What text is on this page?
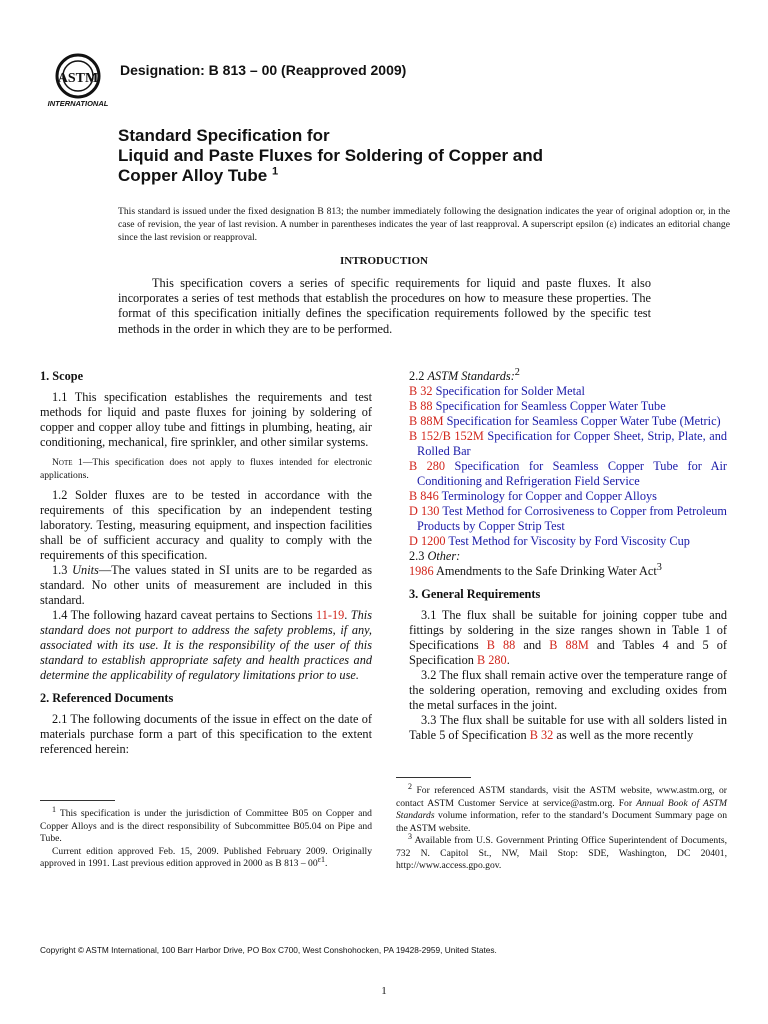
ASTM
INTERNATIONAL
Designation: B 813 – 00 (Reapproved 2009)
Standard Specification for
Liquid and Paste Fluxes for Soldering of Copper and
Copper Alloy Tube $^1$
This standard is issued under the fixed designation B 813; the number immediately following the designation indicates the year of original adoption or, in the case of revision, the year of last revision. A number in parentheses indicates the year of last reapproval. A superscript epsilon (ε) indicates an editorial change since the last revision or reapproval.
INTRODUCTION
This specification covers a series of specific requirements for liquid and paste fluxes. It also incorporates a series of test methods that establish the procedures on how to measure these properties. The format of this specification initially defines the specification requirements followed by the specific test methods in the order in which they are to be performed.
1. Scope

1.1 This specification establishes the requirements and test methods for liquid and paste fluxes for joining by soldering of copper and copper alloy tube and fittings in plumbing, heating, air conditioning, mechanical, fire sprinkler, and other similar systems.

Note 1—This specification does not apply to fluxes intended for electronic applications.

1.2 Solder fluxes are to be tested in accordance with the requirements of this specification by an independent testing laboratory. Testing, measuring equipment, and inspection facilities shall be of sufficient accuracy and quality to comply with the requirements of this specification.

1.3 Units—The values stated in SI units are to be regarded as standard. No other units of measurement are included in this standard.

1.4 The following hazard caveat pertains to Sections 11-19. This standard does not purport to address the safety problems, if any, associated with its use. It is the responsibility of the user of this standard to establish appropriate safety and health practices and determine the applicability of regulatory limitations prior to use.

2. Referenced Documents

2.1 The following documents of the issue in effect on the date of materials purchase form a part of this specification to the extent referenced herein:

2.2 ASTM Standards:$^2$

B 32 Specification for Solder Metal

B 88 Specification for Seamless Copper Water Tube

B 88M Specification for Seamless Copper Water Tube (Metric)

B 152/B 152M Specification for Copper Sheet, Strip, Plate, and Rolled Bar

B 280 Specification for Seamless Copper Tube for Air Conditioning and Refrigeration Field Service

B 846 Terminology for Copper and Copper Alloys

D 130 Test Method for Corrosiveness to Copper from Petroleum Products by Copper Strip Test

D 1200 Test Method for Viscosity by Ford Viscosity Cup

2.3 Other:

1986 Amendments to the Safe Drinking Water Act$^3$

3. General Requirements

3.1 The flux shall be suitable for joining copper tube and fittings by soldering in the size ranges shown in Table 1 of Specifications B 88 and B 88M and Tables 4 and 5 of Specification B 280.

3.2 The flux shall remain active over the temperature range of the soldering operation, removing and excluding oxides from the metal surfaces in the joint.

3.3 The flux shall be suitable for use with all solders listed in Table 5 of Specification B 32 as well as the more recently

$^1$ This specification is under the jurisdiction of Committee B05 on Copper and Copper Alloys and is the direct responsibility of Subcommittee B05.04 on Pipe and Tube.

Current edition approved Feb. 15, 2009. Published February 2009. Originally approved in 1991. Last previous edition approved in 2000 as B $813 - 00^{\varepsilon 1}$.

$^2$ For referenced ASTM standards, visit the ASTM website, www.astm.org, or contact ASTM Customer Service at service@astm.org. For Annual Book of ASTM Standards volume information, refer to the standard’s Document Summary page on the ASTM website.

$^3$ Available from U.S. Government Printing Office Superintendent of Documents, 732 N. Capitol St., NW, Mail Stop: SDE, Washington, DC 20401, http://www.access.gpo.gov.

Copyright © ASTM International, 100 Barr Harbor Drive, PO Box C700, West Conshohocken, PA 19428-2959, United States.
1
